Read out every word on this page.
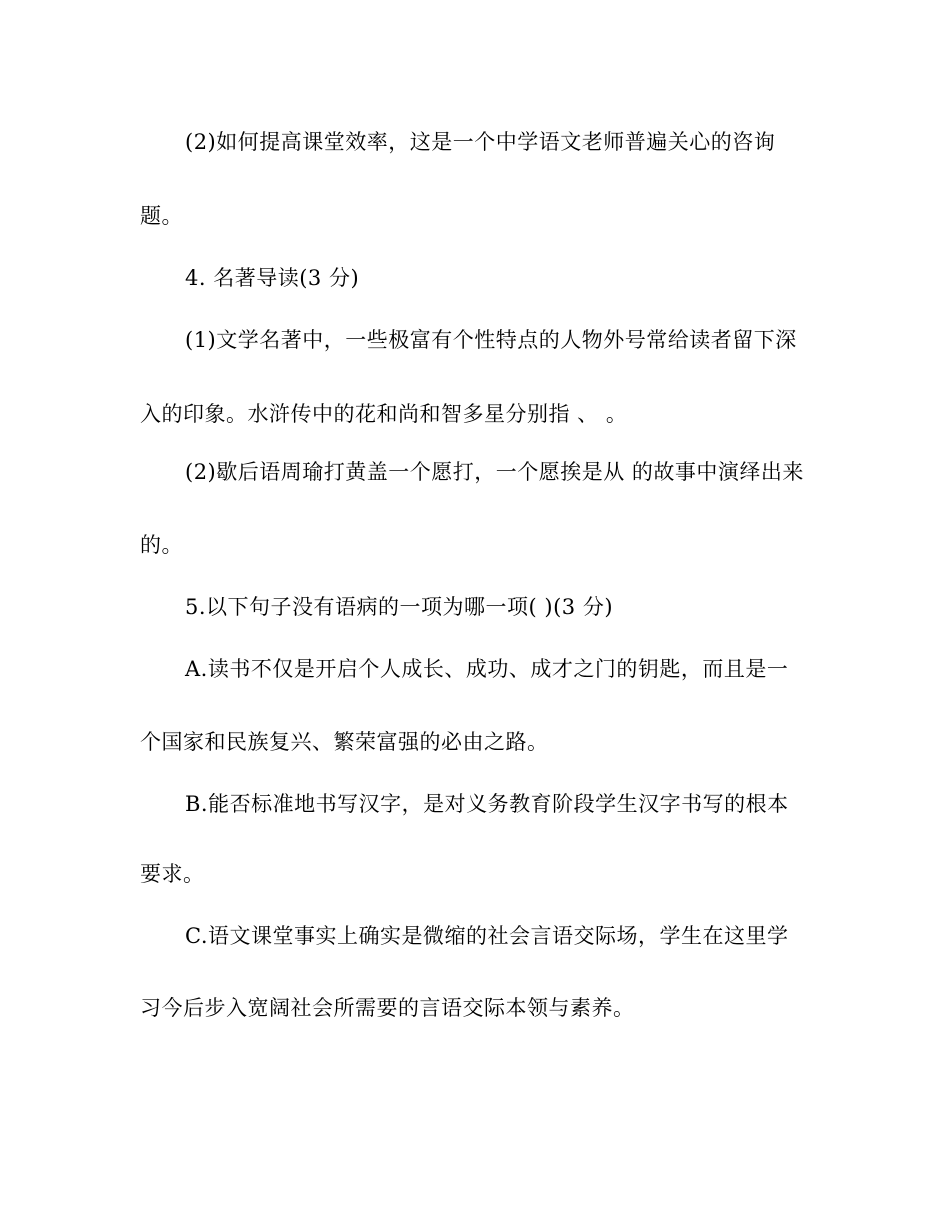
(2)如何提高课堂效率，这是一个中学语文老师普遍关心的咨询
题。
4. 名著导读(3 分)
(1)文学名著中，一些极富有个性特点的人物外号常给读者留下深
入的印象。水浒传中的花和尚和智多星分别指 、 。
(2)歇后语周瑜打黄盖一个愿打，一个愿挨是从 的故事中演绎出来
的。
5.以下句子没有语病的一项为哪一项( )(3 分)
A.读书不仅是开启个人成长、成功、成才之门的钥匙，而且是一
个国家和民族复兴、繁荣富强的必由之路。
B.能否标准地书写汉字，是对义务教育阶段学生汉字书写的根本
要求。
C.语文课堂事实上确实是微缩的社会言语交际场，学生在这里学
习今后步入宽阔社会所需要的言语交际本领与素养。
